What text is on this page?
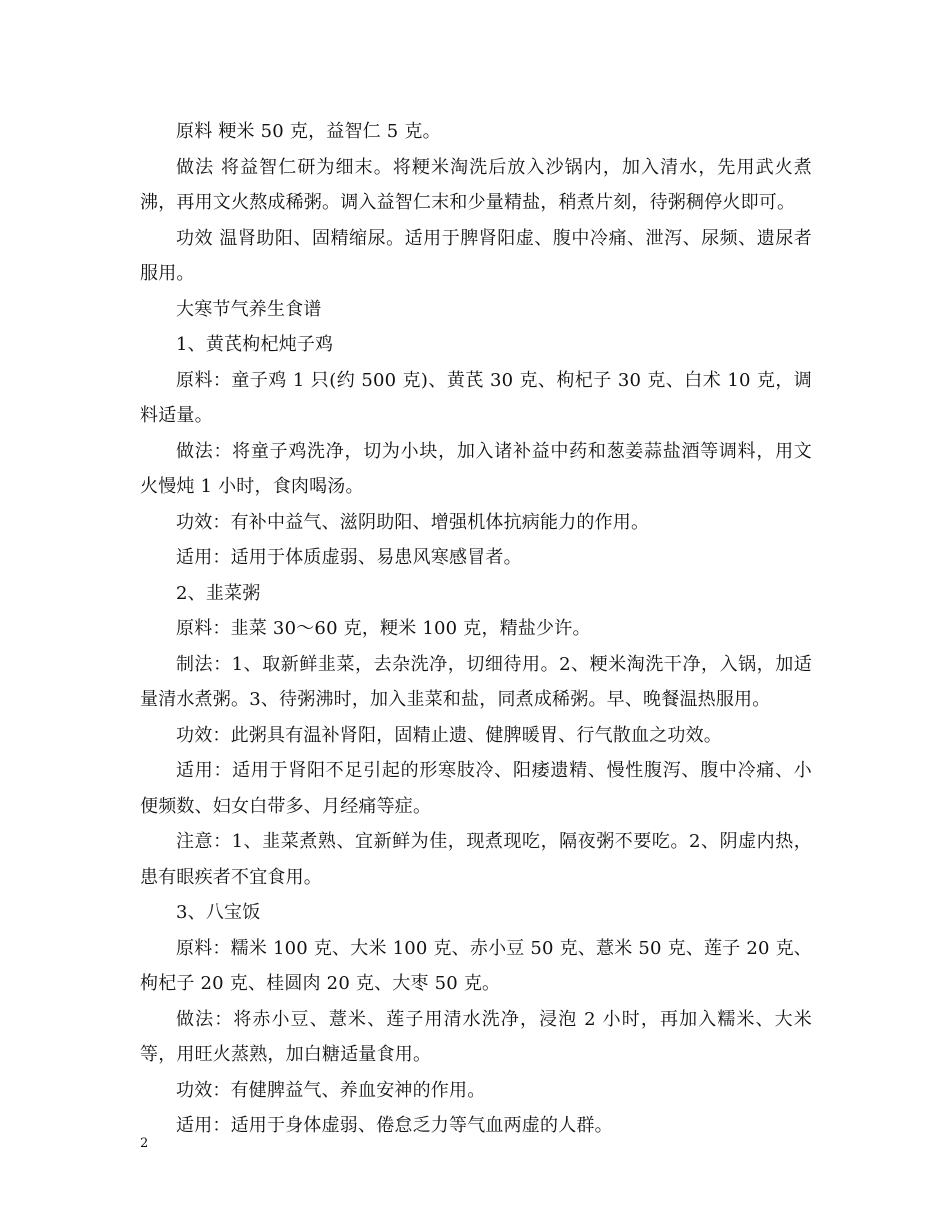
原料 粳米 50 克，益智仁 5 克。

做法 将益智仁研为细末。将粳米淘洗后放入沙锅内，加入清水，先用武火煮沸，再用文火熬成稀粥。调入益智仁末和少量精盐，稍煮片刻，待粥稠停火即可。

功效 温肾助阳、固精缩尿。适用于脾肾阳虚、腹中冷痛、泄泻、尿频、遗尿者服用。

大寒节气养生食谱

1、黄芪枸杞炖子鸡

原料：童子鸡 1 只(约 500 克)、黄芪 30 克、枸杞子 30 克、白术 10 克，调料适量。

做法：将童子鸡洗净，切为小块，加入诸补益中药和葱姜蒜盐酒等调料，用文火慢炖 1 小时，食肉喝汤。

功效：有补中益气、滋阴助阳、增强机体抗病能力的作用。

适用：适用于体质虚弱、易患风寒感冒者。

2、韭菜粥

原料：韭菜 30～60 克，粳米 100 克，精盐少许。

制法：1、取新鲜韭菜，去杂洗净，切细待用。2、粳米淘洗干净，入锅，加适量清水煮粥。3、待粥沸时，加入韭菜和盐，同煮成稀粥。早、晚餐温热服用。

功效：此粥具有温补肾阳，固精止遗、健脾暖胃、行气散血之功效。

适用：适用于肾阳不足引起的形寒肢冷、阳痿遗精、慢性腹泻、腹中冷痛、小便频数、妇女白带多、月经痛等症。

注意：1、韭菜煮熟、宜新鲜为佳，现煮现吃，隔夜粥不要吃。2、阴虚内热，患有眼疾者不宜食用。

3、八宝饭

原料：糯米 100 克、大米 100 克、赤小豆 50 克、薏米 50 克、莲子 20 克、枸杞子 20 克、桂圆肉 20 克、大枣 50 克。

做法：将赤小豆、薏米、莲子用清水洗净，浸泡 2 小时，再加入糯米、大米等，用旺火蒸熟，加白糖适量食用。

功效：有健脾益气、养血安神的作用。

适用：适用于身体虚弱、倦怠乏力等气血两虚的人群。

2
